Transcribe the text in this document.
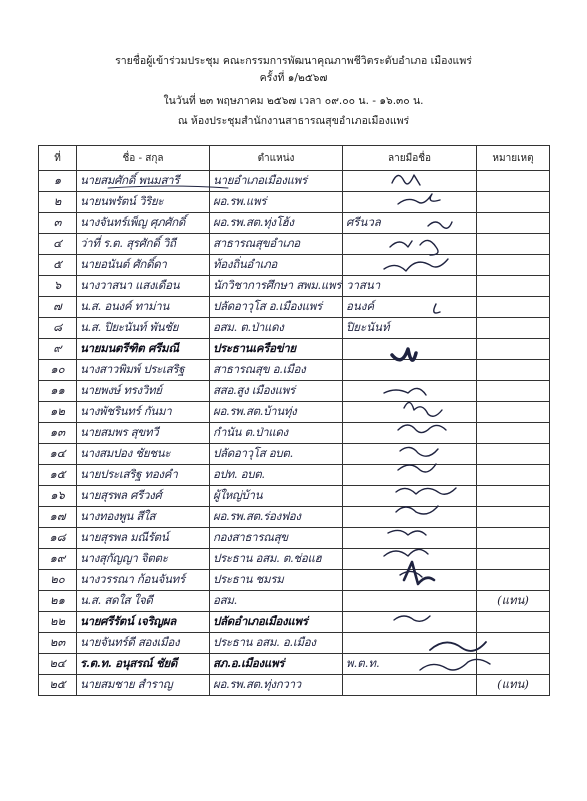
รายชื่อผู้เข้าร่วมประชุม คณะกรรมการพัฒนาคุณภาพชีวิตระดับอำเภอ เมืองแพร่
ครั้งที่ ๑/๒๕๖๗
ในวันที่ ๒๓ พฤษภาคม ๒๕๖๗ เวลา ๐๙.๐๐ น. - ๑๖.๓๐ น.
ณ ห้องประชุมสำนักงานสาธารณสุขอำเภอเมืองแพร่
ที่	ชื่อ - สกุล	ตำแหน่ง	ลายมือชื่อ	หมายเหตุ
๑	นายสมศักดิ์ พนมสารี	นายอำเภอเมืองแพร่		
๒	นายนพรัตน์ วิริยะ	ผอ.รพ.แพร่		
๓	นางจันทร์เพ็ญ ศุภศักดิ์	ผอ.รพ.สต.ทุ่งโฮ้ง	ศรีนวล	
๔	ว่าที่ ร.ต. สุรศักดิ์ วิถี	สาธารณสุขอำเภอ		
๕	นายอนันต์ ศักดิ์ดา	ท้องถิ่นอำเภอ		
๖	นางวาสนา แสงเดือน	นักวิชาการศึกษา สพม.แพร่	วาสนา	
๗	น.ส. อนงค์ ทาม่าน	ปลัดอาวุโส อ.เมืองแพร่	อนงค์	
๘	น.ส. ปิยะนันท์ พันชัย	อสม. ต.ป่าแดง	ปิยะนันท์	
๙	นายมนตรีฑิต ศรีมณี	ประธานเครือข่าย		
๑๐	นางสาวพิมพ์ ประเสริฐ	สาธารณสุข อ.เมือง		
๑๑	นายพงษ์ ทรงวิทย์	สสอ.สูง เมืองแพร่		
๑๒	นางพัชรินทร์ กันมา	ผอ.รพ.สต.บ้านทุ่ง		
๑๓	นายสมพร สุขทวี	กำนัน ต.ป่าแดง		
๑๔	นางสมปอง ชัยชนะ	ปลัดอาวุโส อบต.		
๑๕	นายประเสริฐ ทองคำ	อปท. อบต.		
๑๖	นายสุรพล ศรีวงศ์	ผู้ใหญ่บ้าน		
๑๗	นางทองพูน สีใส	ผอ.รพ.สต.ร่องฟอง		
๑๘	นายสุรพล มณีรัตน์	กองสาธารณสุข		
๑๙	นางสุกัญญา จิตตะ	ประธาน อสม. ต.ช่อแฮ		
๒๐	นางวรรณา ก้อนจันทร์	ประธาน ชมรม		
๒๑	น.ส. สดใส ใจดี	อสม.		(แทน)
๒๒	นายศรีรัตน์ เจริญผล	ปลัดอำเภอเมืองแพร่		
๒๓	นายจันทร์ดี สองเมือง	ประธาน อสม. อ.เมือง		
๒๔	ร.ต.ท. อนุสรณ์ ชัยดี	สภ.อ.เมืองแพร่	พ.ต.ท.	
๒๕	นายสมชาย สำราญ	ผอ.รพ.สต.ทุ่งกวาว		(แทน)
